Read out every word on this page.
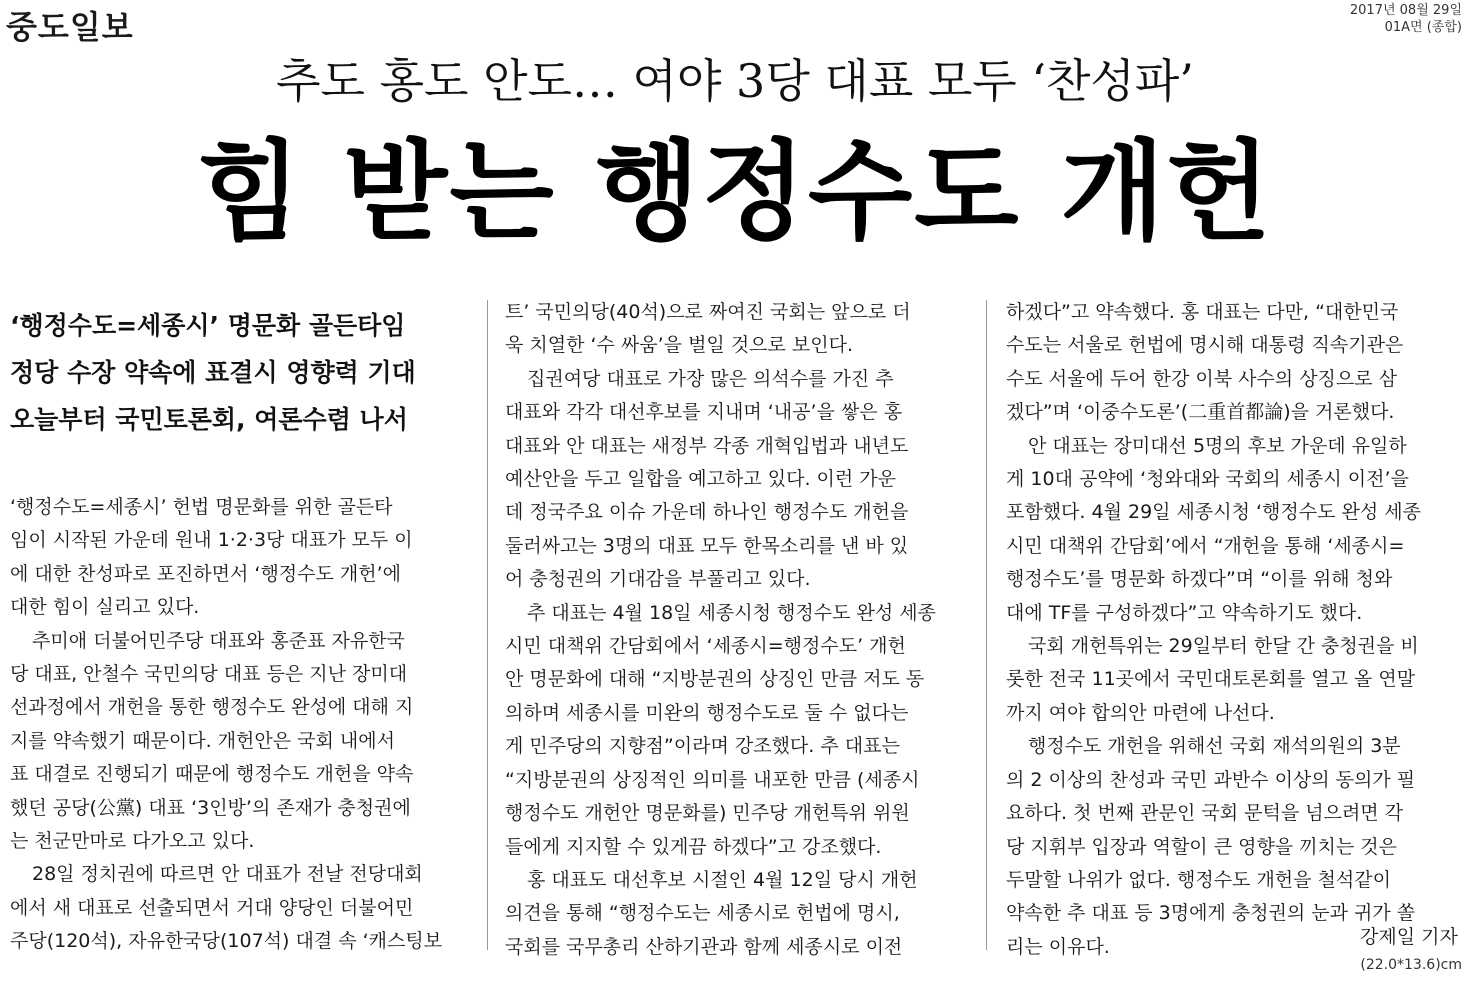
중도일보	2017년 08월 29일
01A면 (종합)
추도 홍도 안도… 여야 3당 대표 모두 ‘찬성파’
힘 받는 행정수도 개헌

‘행정수도=세종시’ 명문화 골든타임

정당 수장 약속에 표결시 영향력 기대

오늘부터 국민토론회, 여론수렴 나서

‘행정수도=세종시’ 헌법 명문화를 위한 골든타

임이 시작된 가운데 원내 1·2·3당 대표가 모두 이

에 대한 찬성파로 포진하면서 ‘행정수도 개헌’에

대한 힘이 실리고 있다.

추미애 더불어민주당 대표와 홍준표 자유한국

당 대표, 안철수 국민의당 대표 등은 지난 장미대

선과정에서 개헌을 통한 행정수도 완성에 대해 지

지를 약속했기 때문이다. 개헌안은 국회 내에서

표 대결로 진행되기 때문에 행정수도 개헌을 약속

했던 공당(公黨) 대표 ‘3인방’의 존재가 충청권에

는 천군만마로 다가오고 있다.

28일 정치권에 따르면 안 대표가 전날 전당대회

에서 새 대표로 선출되면서 거대 양당인 더불어민

주당(120석), 자유한국당(107석) 대결 속 ‘캐스팅보

트’ 국민의당(40석)으로 짜여진 국회는 앞으로 더

욱 치열한 ‘수 싸움’을 벌일 것으로 보인다.

집권여당 대표로 가장 많은 의석수를 가진 추

대표와 각각 대선후보를 지내며 ‘내공’을 쌓은 홍

대표와 안 대표는 새정부 각종 개혁입법과 내년도

예산안을 두고 일합을 예고하고 있다. 이런 가운

데 정국주요 이슈 가운데 하나인 행정수도 개헌을

둘러싸고는 3명의 대표 모두 한목소리를 낸 바 있

어 충청권의 기대감을 부풀리고 있다.

추 대표는 4월 18일 세종시청 행정수도 완성 세종

시민 대책위 간담회에서 ‘세종시=행정수도’ 개헌

안 명문화에 대해 “지방분권의 상징인 만큼 저도 동

의하며 세종시를 미완의 행정수도로 둘 수 없다는

게 민주당의 지향점”이라며 강조했다. 추 대표는

“지방분권의 상징적인 의미를 내포한 만큼 (세종시

행정수도 개헌안 명문화를) 민주당 개헌특위 위원

들에게 지지할 수 있게끔 하겠다”고 강조했다.

홍 대표도 대선후보 시절인 4월 12일 당시 개헌

의견을 통해 “행정수도는 세종시로 헌법에 명시,

국회를 국무총리 산하기관과 함께 세종시로 이전

하겠다”고 약속했다. 홍 대표는 다만, “대한민국

수도는 서울로 헌법에 명시해 대통령 직속기관은

수도 서울에 두어 한강 이북 사수의 상징으로 삼

겠다”며 ‘이중수도론’(二重首都論)을 거론했다.

안 대표는 장미대선 5명의 후보 가운데 유일하

게 10대 공약에 ‘청와대와 국회의 세종시 이전’을

포함했다. 4월 29일 세종시청 ‘행정수도 완성 세종

시민 대책위 간담회’에서 “개헌을 통해 ‘세종시=

행정수도’를 명문화 하겠다”며 “이를 위해 청와

대에 TF를 구성하겠다”고 약속하기도 했다.

국회 개헌특위는 29일부터 한달 간 충청권을 비

롯한 전국 11곳에서 국민대토론회를 열고 올 연말

까지 여야 합의안 마련에 나선다.

행정수도 개헌을 위해선 국회 재석의원의 3분

의 2 이상의 찬성과 국민 과반수 이상의 동의가 필

요하다. 첫 번째 관문인 국회 문턱을 넘으려면 각

당 지휘부 입장과 역할이 큰 영향을 끼치는 것은

두말할 나위가 없다. 행정수도 개헌을 철석같이

약속한 추 대표 등 3명에게 충청권의 눈과 귀가 쏠

리는 이유다.	강제일 기자
(22.0*13.6)cm
